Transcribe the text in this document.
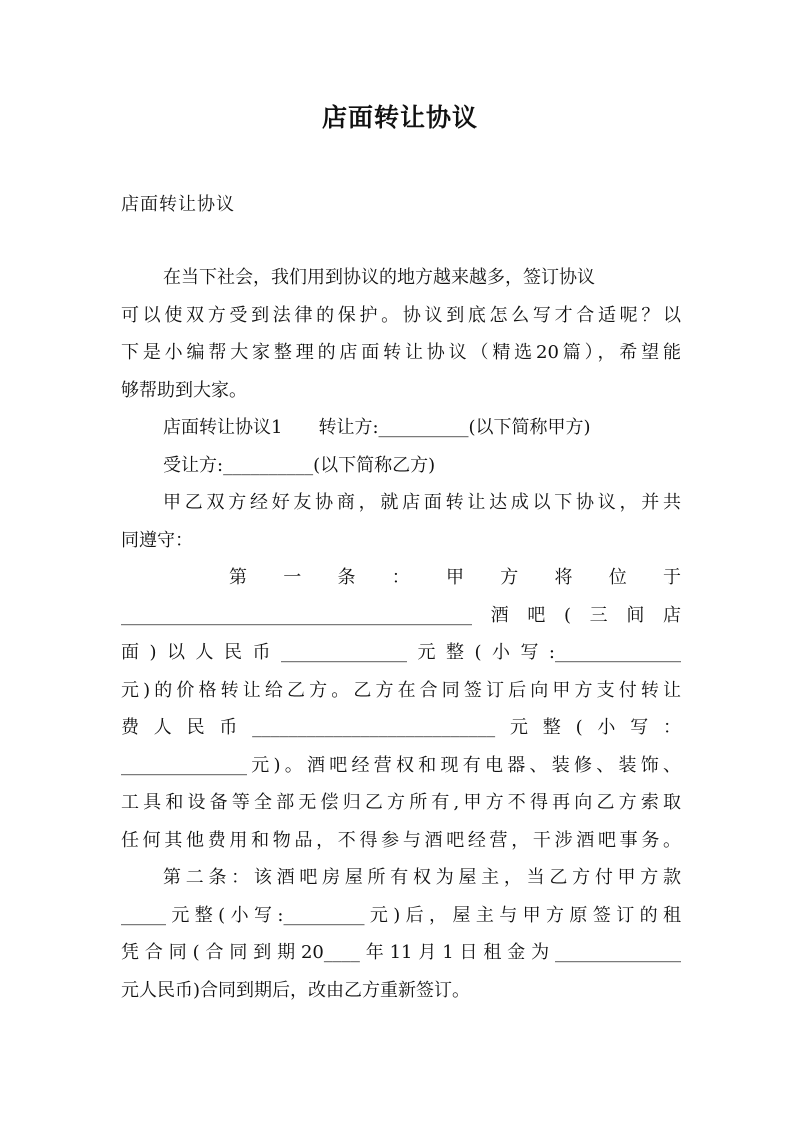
店面转让协议
店面转让协议
在当下社会，我们用到协议的地方越来越多，签订协议
可以使双方受到法律的保护。协议到底怎么写才合适呢？以
下是小编帮大家整理的店面转让协议（精选20篇），希望能
够帮助到大家。
店面转让协议1　　转让方:__________(以下简称甲方)
受让方:__________(以下简称乙方)
甲乙双方经好友协商，就店面转让达成以下协议，并共
同遵守：
第 一 条 ： 甲 方 将 位 于
_______________________________________酒吧(三间店
面)以人民币______________元整(小写:______________
元)的价格转让给乙方。乙方在合同签订后向甲方支付转让
费人民币___________________________元整(小写：
______________元)。酒吧经营权和现有电器、装修、装饰、
工具和设备等全部无偿归乙方所有,甲方不得再向乙方索取
任何其他费用和物品，不得参与酒吧经营，干涉酒吧事务。
第二条：该酒吧房屋所有权为屋主，当乙方付甲方款
_____元整(小写:_________元)后，屋主与甲方原签订的租
凭合同(合同到期20____年11月1日租金为______________
元人民币)合同到期后，改由乙方重新签订。
